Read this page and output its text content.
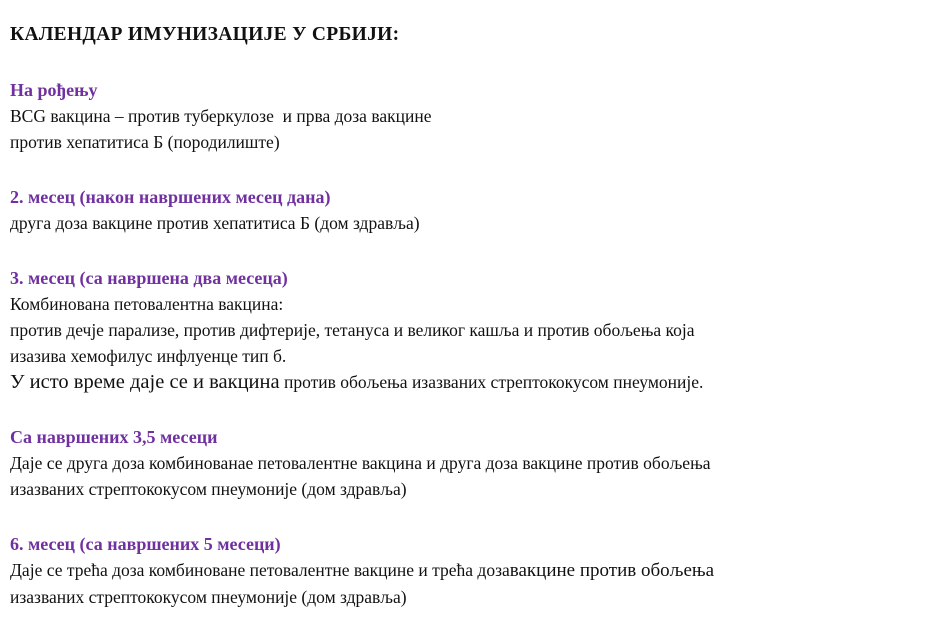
КАЛЕНДАР ИМУНИЗАЦИЈЕ У СРБИЈИ:
На рођењу
BCG вакцина – против туберкулозе  и прва доза вакцине
против хепатитиса Б (породилиште)
2. месец (након навршених месец дана)
друга доза вакцине против хепатитиса Б (дом здравља)
3. месец (са навршена два месеца)
Комбинована петовалентна вакцина:
против дечје парализе, против дифтерије, тетануса и великог кашља и против обољења која
изазива хемофилус инфлуенце тип б.
У исто време даје се и вакцина против обољења изазваних стрептококусом пнеумоније.
Са навршених 3,5 месеци
Даје се друга доза комбинованае петовалентне вакцина и друга доза вакцине против обољења
изазваних стрептококусом пнеумоније (дом здравља)
6. месец (са навршених 5 месеци)
Даје се трећа доза комбиноване петовалентне вакцине и трећа дозавакцине против обољења
изазваних стрептококусом пнеумоније (дом здравља)
